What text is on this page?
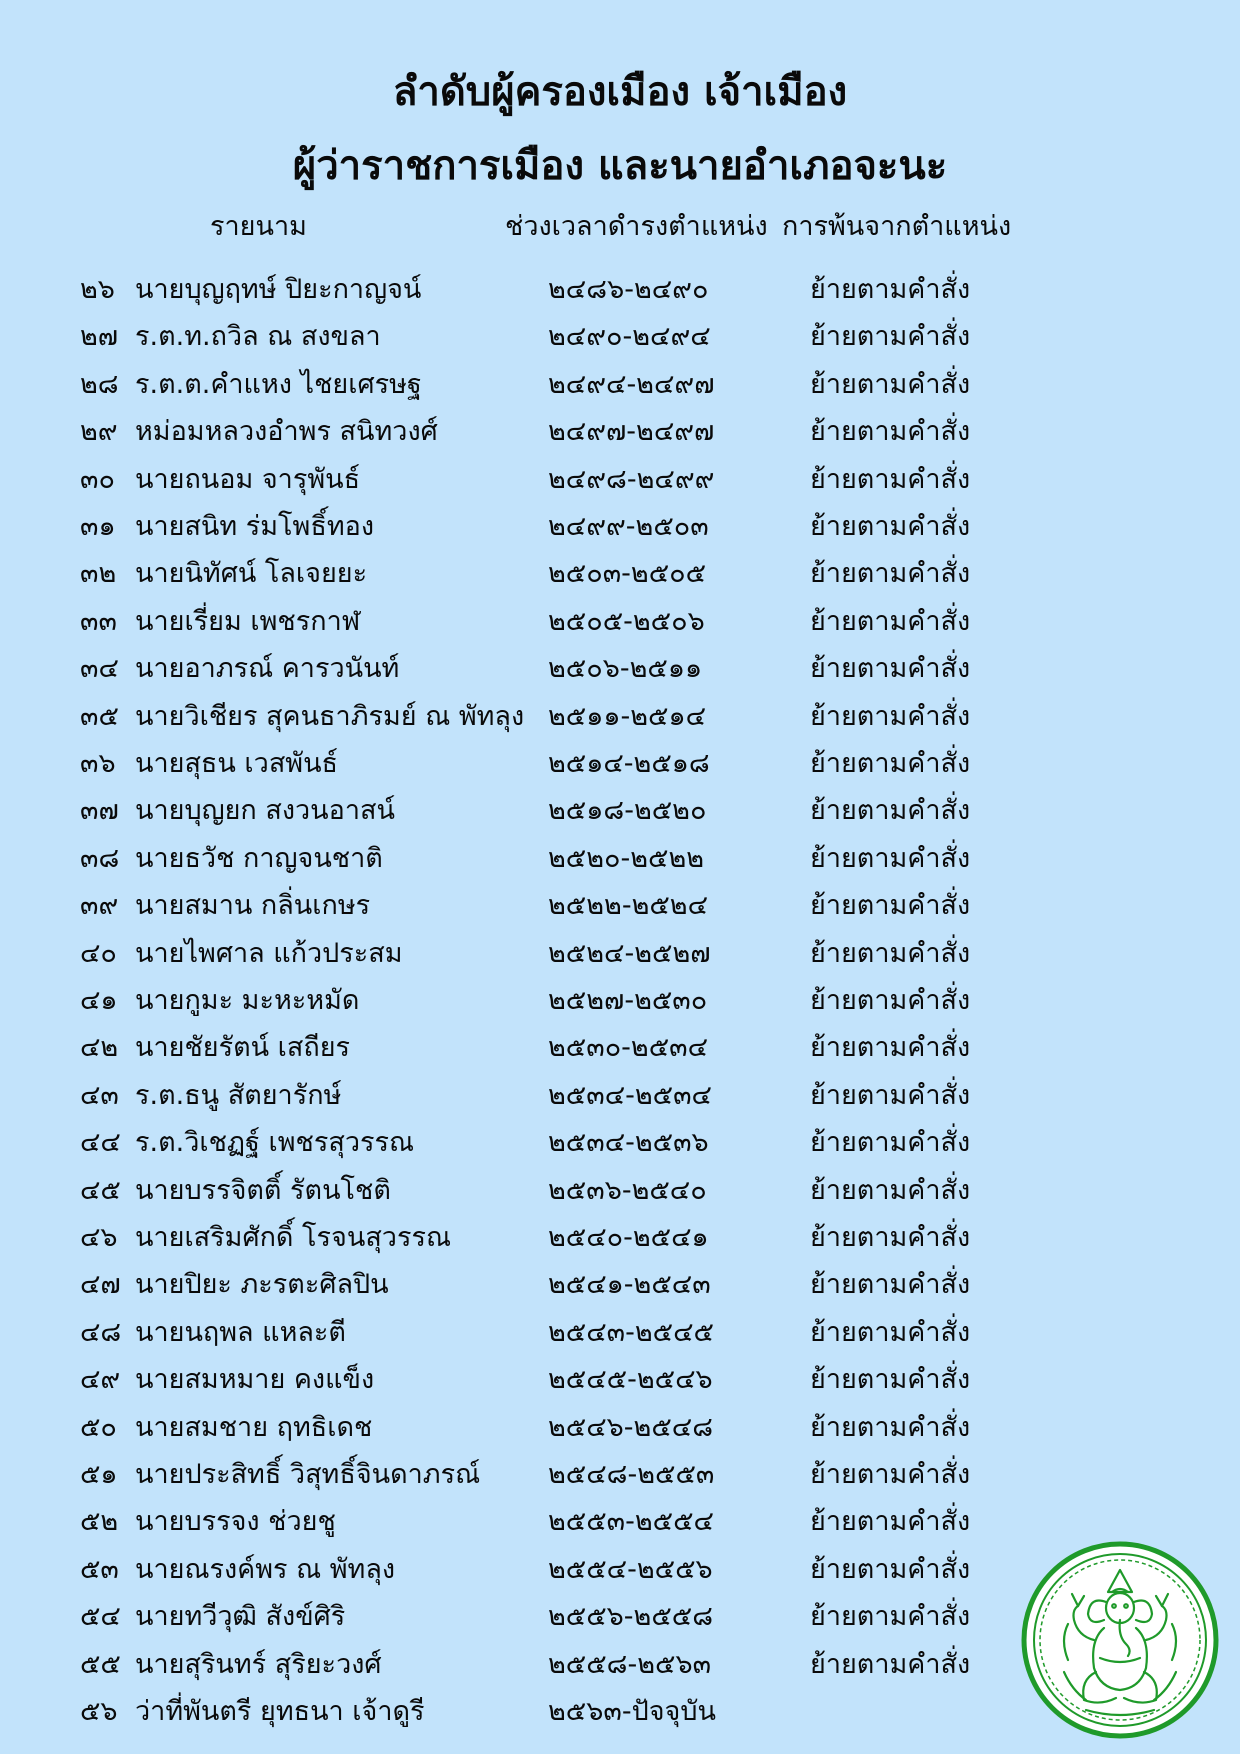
ลำดับผู้ครองเมือง เจ้าเมือง
ผู้ว่าราชการเมือง และนายอำเภอจะนะ
รายนาม	ช่วงเวลาดำรงตำแหน่ง การพ้นจากตำแหน่ง
๒๖ นายบุญฤทษ์ ปิยะกาญจน์	๒๔๘๖-๒๔๙๐	ย้ายตามคำสั่ง
๒๗ ร.ต.ท.ถวิล ณ สงขลา	๒๔๙๐-๒๔๙๔	ย้ายตามคำสั่ง
๒๘ ร.ต.ต.คำแหง ไชยเศรษฐ	๒๔๙๔-๒๔๙๗	ย้ายตามคำสั่ง
๒๙ หม่อมหลวงอำพร สนิทวงศ์	๒๔๙๗-๒๔๙๗	ย้ายตามคำสั่ง
๓๐ นายถนอม จารุพันธ์	๒๔๙๘-๒๔๙๙	ย้ายตามคำสั่ง
๓๑ นายสนิท ร่มโพธิ์ทอง	๒๔๙๙-๒๕๐๓	ย้ายตามคำสั่ง
๓๒ นายนิทัศน์ โลเจยยะ	๒๕๐๓-๒๕๐๕	ย้ายตามคำสั่ง
๓๓ นายเรี่ยม เพชรกาฬ	๒๕๐๕-๒๕๐๖	ย้ายตามคำสั่ง
๓๔ นายอาภรณ์ คารวนันท์	๒๕๐๖-๒๕๑๑	ย้ายตามคำสั่ง
๓๕ นายวิเชียร สุคนธาภิรมย์ ณ พัทลุง ๒๕๑๑-๒๕๑๔	ย้ายตามคำสั่ง
๓๖ นายสุธน เวสพันธ์	๒๕๑๔-๒๕๑๘	ย้ายตามคำสั่ง
๓๗ นายบุญยก สงวนอาสน์	๒๕๑๘-๒๕๒๐	ย้ายตามคำสั่ง
๓๘ นายธวัช กาญจนชาติ	๒๕๒๐-๒๕๒๒	ย้ายตามคำสั่ง
๓๙ นายสมาน กลิ่นเกษร	๒๕๒๒-๒๕๒๔	ย้ายตามคำสั่ง
๔๐ นายไพศาล แก้วประสม	๒๕๒๔-๒๕๒๗	ย้ายตามคำสั่ง
๔๑ นายกูมะ มะหะหมัด	๒๕๒๗-๒๕๓๐	ย้ายตามคำสั่ง
๔๒ นายชัยรัตน์ เสถียร	๒๕๓๐-๒๕๓๔	ย้ายตามคำสั่ง
๔๓ ร.ต.ธนู สัตยารักษ์	๒๕๓๔-๒๕๓๔	ย้ายตามคำสั่ง
๔๔ ร.ต.วิเชฏฐ์ เพชรสุวรรณ	๒๕๓๔-๒๕๓๖	ย้ายตามคำสั่ง
๔๕ นายบรรจิตติ์ รัตนโชติ	๒๕๓๖-๒๕๔๐	ย้ายตามคำสั่ง
๔๖ นายเสริมศักดิ์ โรจนสุวรรณ	๒๕๔๐-๒๕๔๑	ย้ายตามคำสั่ง
๔๗ นายปิยะ ภะรตะศิลปิน	๒๕๔๑-๒๕๔๓	ย้ายตามคำสั่ง
๔๘ นายนฤพล แหละตี	๒๕๔๓-๒๕๔๕	ย้ายตามคำสั่ง
๔๙ นายสมหมาย คงแข็ง	๒๕๔๕-๒๕๔๖	ย้ายตามคำสั่ง
๕๐ นายสมชาย ฤทธิเดช	๒๕๔๖-๒๕๔๘	ย้ายตามคำสั่ง
๕๑ นายประสิทธิ์ วิสุทธิ์จินดาภรณ์	๒๕๔๘-๒๕๕๓	ย้ายตามคำสั่ง
๕๒ นายบรรจง ช่วยชู	๒๕๕๓-๒๕๕๔	ย้ายตามคำสั่ง
๕๓ นายณรงค์พร ณ พัทลุง	๒๕๕๔-๒๕๕๖	ย้ายตามคำสั่ง
๕๔ นายทวีวุฒิ สังข์ศิริ	๒๕๕๖-๒๕๕๘	ย้ายตามคำสั่ง
๕๕ นายสุรินทร์ สุริยะวงศ์	๒๕๕๘-๒๕๖๓	ย้ายตามคำสั่ง
๕๖ ว่าที่พันตรี ยุทธนา เจ้าดูรี	๒๕๖๓-ปัจจุบัน
